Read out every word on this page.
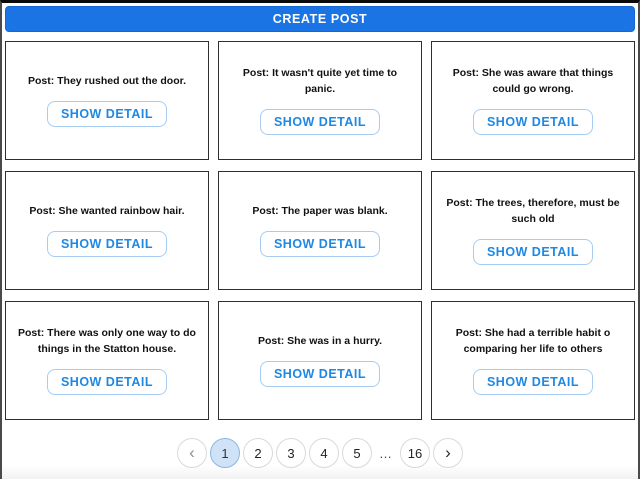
CREATE POST
Post: They rushed out the door.
SHOW DETAIL
Post: It wasn't quite yet time to panic.
SHOW DETAIL
Post: She was aware that things could go wrong.
SHOW DETAIL
Post: She wanted rainbow hair.
SHOW DETAIL
Post: The paper was blank.
SHOW DETAIL
Post: The trees, therefore, must be such old
SHOW DETAIL
Post: There was only one way to do things in the Statton house.
SHOW DETAIL
Post: She was in a hurry.
SHOW DETAIL
Post: She had a terrible habit o comparing her life to others
SHOW DETAIL
‹	1	2	3	4	5	…	16	›
